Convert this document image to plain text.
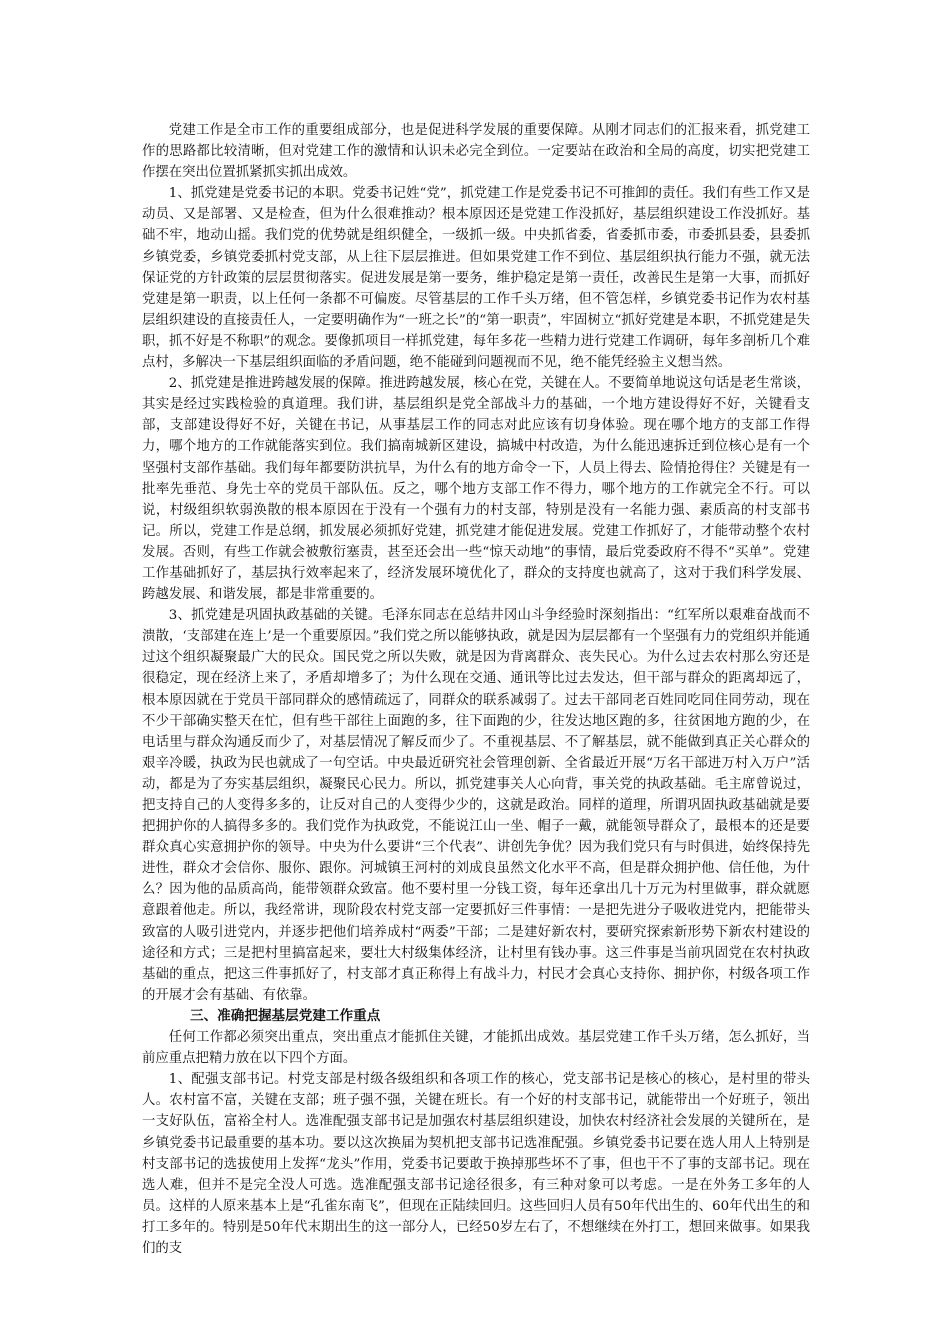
党建工作是全市工作的重要组成部分，也是促进科学发展的重要保障。从刚才同志们的汇报来看，抓党建工作的思路都比较清晰，但对党建工作的激情和认识未必完全到位。一定要站在政治和全局的高度，切实把党建工作摆在突出位置抓紧抓实抓出成效。

1、抓党建是党委书记的本职。党委书记姓“党”，抓党建工作是党委书记不可推卸的责任。我们有些工作又是动员、又是部署、又是检查，但为什么很难推动？根本原因还是党建工作没抓好，基层组织建设工作没抓好。基础不牢，地动山摇。我们党的优势就是组织健全，一级抓一级。中央抓省委，省委抓市委，市委抓县委，县委抓乡镇党委，乡镇党委抓村党支部，从上往下层层推进。但如果党建工作不到位、基层组织执行能力不强，就无法保证党的方针政策的层层贯彻落实。促进发展是第一要务，维护稳定是第一责任，改善民生是第一大事，而抓好党建是第一职责，以上任何一条都不可偏废。尽管基层的工作千头万绪，但不管怎样，乡镇党委书记作为农村基层组织建设的直接责任人，一定要明确作为“一班之长”的“第一职责”，牢固树立“抓好党建是本职，不抓党建是失职，抓不好是不称职”的观念。要像抓项目一样抓党建，每年多花一些精力进行党建工作调研，每年多剖析几个难点村，多解决一下基层组织面临的矛盾问题，绝不能碰到问题视而不见，绝不能凭经验主义想当然。

2、抓党建是推进跨越发展的保障。推进跨越发展，核心在党，关键在人。不要简单地说这句话是老生常谈，其实是经过实践检验的真道理。我们讲，基层组织是党全部战斗力的基础，一个地方建设得好不好，关键看支部，支部建设得好不好，关键在书记，从事基层工作的同志对此应该有切身体验。现在哪个地方的支部工作得力，哪个地方的工作就能落实到位。我们搞南城新区建设，搞城中村改造，为什么能迅速拆迁到位核心是有一个坚强村支部作基础。我们每年都要防洪抗旱，为什么有的地方命令一下，人员上得去、险情抢得住？关键是有一批率先垂范、身先士卒的党员干部队伍。反之，哪个地方支部工作不得力，哪个地方的工作就完全不行。可以说，村级组织软弱涣散的根本原因在于没有一个强有力的村支部，特别是没有一名能力强、素质高的村支部书记。所以，党建工作是总纲，抓发展必须抓好党建，抓党建才能促进发展。党建工作抓好了，才能带动整个农村发展。否则，有些工作就会被敷衍塞责，甚至还会出一些“惊天动地”的事情，最后党委政府不得不“买单”。党建工作基础抓好了，基层执行效率起来了，经济发展环境优化了，群众的支持度也就高了，这对于我们科学发展、跨越发展、和谐发展，都是非常重要的。

3、抓党建是巩固执政基础的关键。毛泽东同志在总结井冈山斗争经验时深刻指出：“红军所以艰难奋战而不溃散，‘支部建在连上’是一个重要原因。”我们党之所以能够执政，就是因为层层都有一个坚强有力的党组织并能通过这个组织凝聚最广大的民众。国民党之所以失败，就是因为背离群众、丧失民心。为什么过去农村那么穷还是很稳定，现在经济上来了，矛盾却增多了；为什么现在交通、通讯等比过去发达，但干部与群众的距离却远了，根本原因就在于党员干部同群众的感情疏远了，同群众的联系减弱了。过去干部同老百姓同吃同住同劳动，现在不少干部确实整天在忙，但有些干部往上面跑的多，往下面跑的少，往发达地区跑的多，往贫困地方跑的少，在电话里与群众沟通反而少了，对基层情况了解反而少了。不重视基层、不了解基层，就不能做到真正关心群众的艰辛冷暖，执政为民也就成了一句空话。中央最近研究社会管理创新、全省最近开展“万名干部进万村入万户”活动，都是为了夯实基层组织，凝聚民心民力。所以，抓党建事关人心向背，事关党的执政基础。毛主席曾说过，把支持自己的人变得多多的，让反对自己的人变得少少的，这就是政治。同样的道理，所谓巩固执政基础就是要把拥护你的人搞得多多的。我们党作为执政党，不能说江山一坐、帽子一戴，就能领导群众了，最根本的还是要群众真心实意拥护你的领导。中央为什么要讲“三个代表”、讲创先争优？因为我们党只有与时俱进，始终保持先进性，群众才会信你、服你、跟你。河城镇王河村的刘成良虽然文化水平不高，但是群众拥护他、信任他，为什么？因为他的品质高尚，能带领群众致富。他不要村里一分钱工资，每年还拿出几十万元为村里做事，群众就愿意跟着他走。所以，我经常讲，现阶段农村党支部一定要抓好三件事情：一是把先进分子吸收进党内，把能带头致富的人吸引进党内，并逐步把他们培养成村“两委”干部；二是建好新农村，要研究探索新形势下新农村建设的途径和方式；三是把村里搞富起来，要壮大村级集体经济，让村里有钱办事。这三件事是当前巩固党在农村执政基础的重点，把这三件事抓好了，村支部才真正称得上有战斗力，村民才会真心支持你、拥护你，村级各项工作的开展才会有基础、有依靠。

三、准确把握基层党建工作重点

任何工作都必须突出重点，突出重点才能抓住关键，才能抓出成效。基层党建工作千头万绪，怎么抓好，当前应重点把精力放在以下四个方面。

1、配强支部书记。村党支部是村级各级组织和各项工作的核心，党支部书记是核心的核心，是村里的带头人。农村富不富，关键在支部；班子强不强，关键在班长。有一个好的村支部书记，就能带出一个好班子，领出一支好队伍，富裕全村人。选准配强支部书记是加强农村基层组织建设，加快农村经济社会发展的关键所在，是乡镇党委书记最重要的基本功。要以这次换届为契机把支部书记选准配强。乡镇党委书记要在选人用人上特别是村支部书记的选拔使用上发挥“龙头”作用，党委书记要敢于换掉那些坏不了事，但也干不了事的支部书记。现在选人难，但并不是完全没人可选。选准配强支部书记途径很多，有三种对象可以考虑。一是在外务工多年的人员。这样的人原来基本上是“孔雀东南飞”，但现在正陆续回归。这些回归人员有50年代出生的、60年代出生的和打工多年的。特别是50年代末期出生的这一部分人，已经50岁左右了，不想继续在外打工，想回来做事。如果我们的支
